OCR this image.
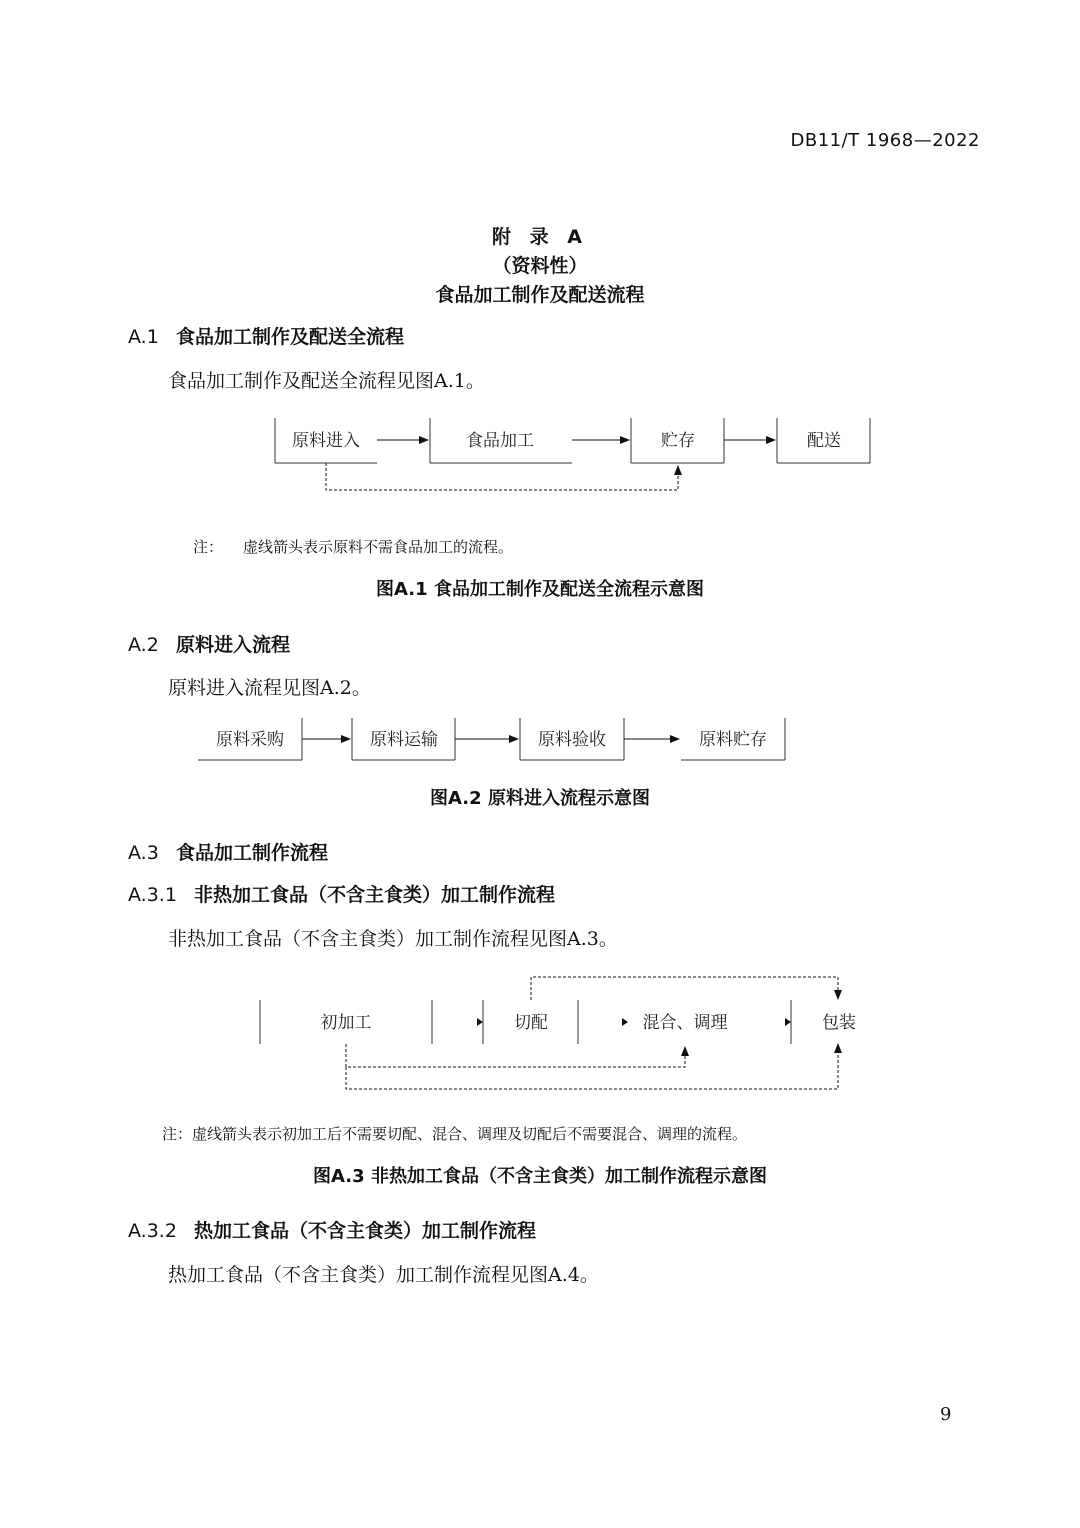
DB11/T 1968—2022
附 录 A
（资料性）
食品加工制作及配送流程
A.1 食品加工制作及配送全流程
食品加工制作及配送全流程见图A.1。
原料进入	食品加工	贮存	配送
原料采购	原料运输	原料验收	原料贮存
初加工	切配	混合、调理	包装
注： 虚线箭头表示原料不需食品加工的流程。
图A.1 食品加工制作及配送全流程示意图
A.2 原料进入流程
原料进入流程见图A.2。
图A.2 原料进入流程示意图
A.3 食品加工制作流程
A.3.1 非热加工食品（不含主食类）加工制作流程
非热加工食品（不含主食类）加工制作流程见图A.3。
注：虚线箭头表示初加工后不需要切配、混合、调理及切配后不需要混合、调理的流程。
图A.3 非热加工食品（不含主食类）加工制作流程示意图
A.3.2 热加工食品（不含主食类）加工制作流程
热加工食品（不含主食类）加工制作流程见图A.4。
9
